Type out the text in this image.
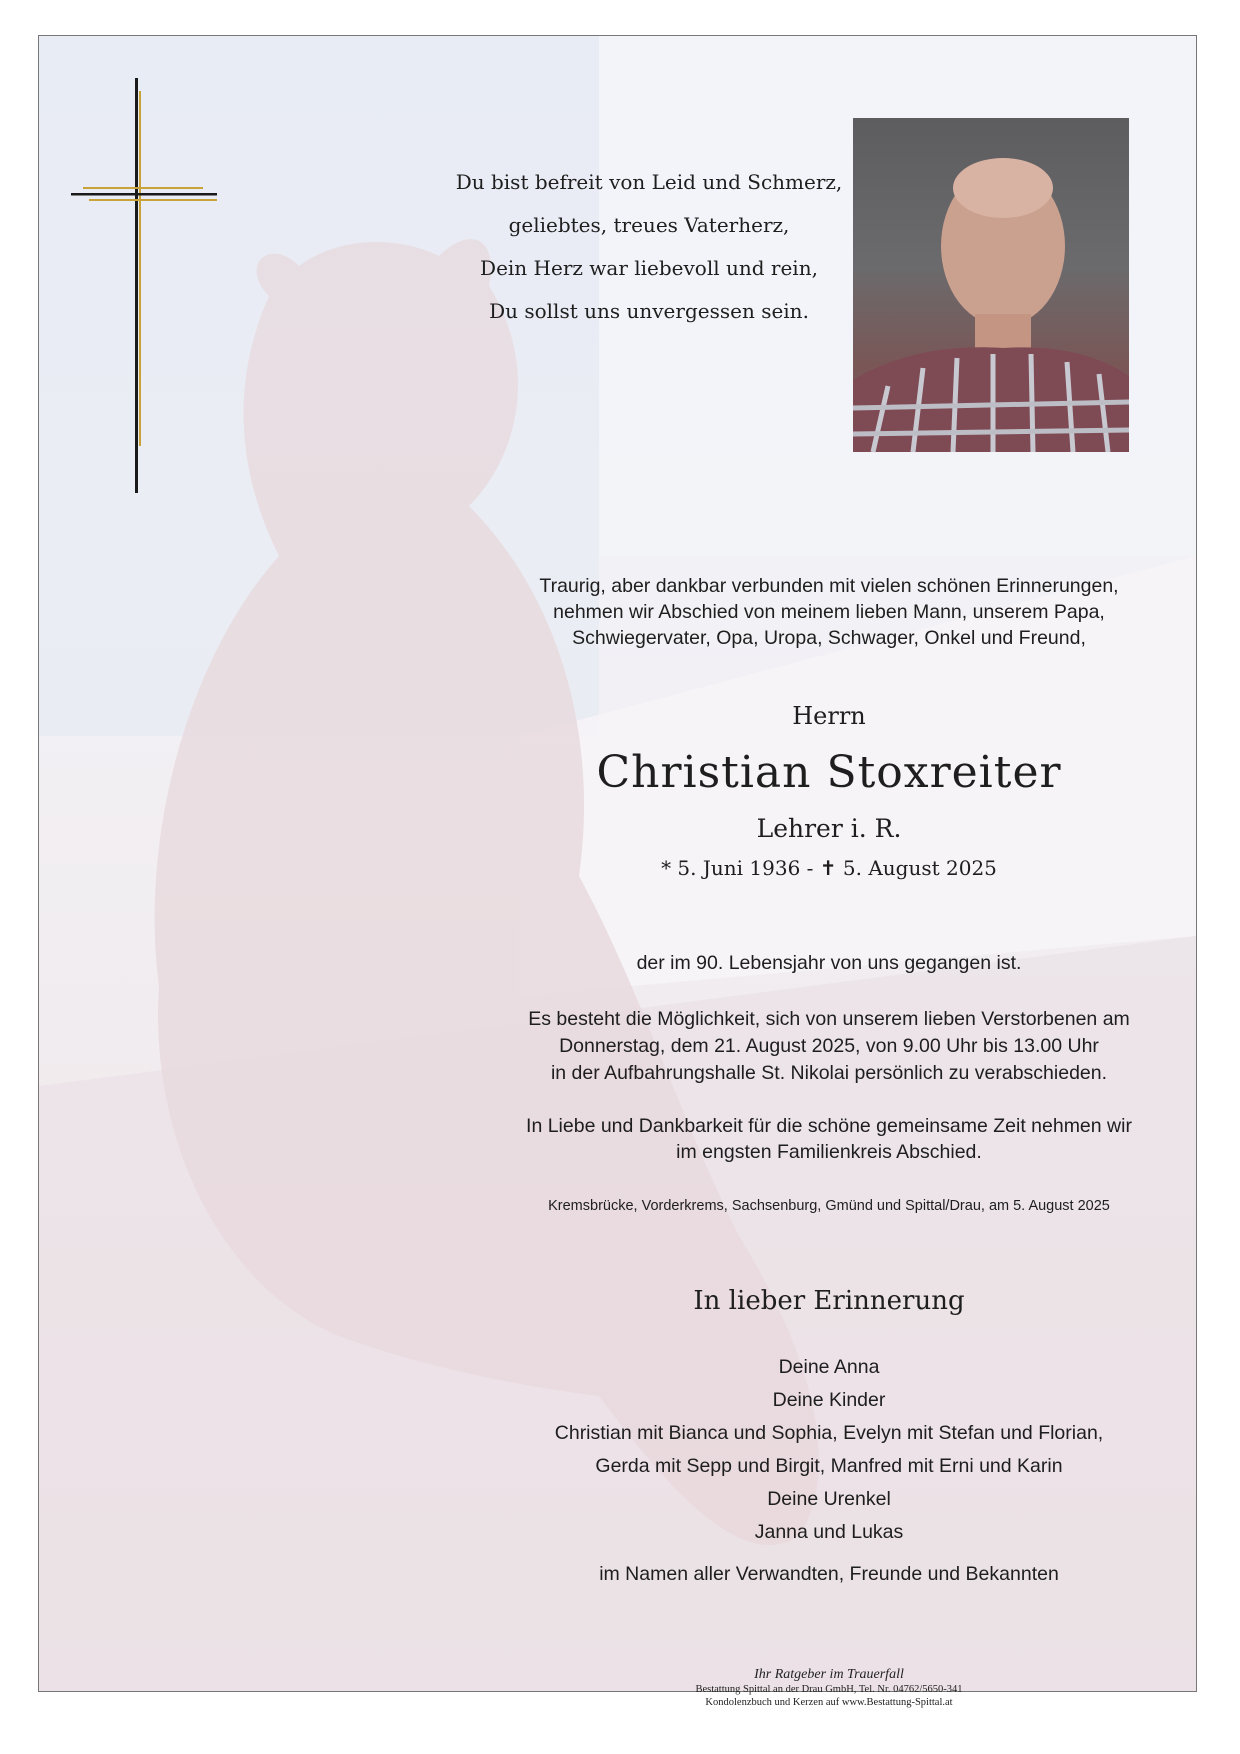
Du bist befreit von Leid und Schmerz,
geliebtes, treues Vaterherz,
Dein Herz war liebevoll und rein,
Du sollst uns unvergessen sein.
Traurig, aber dankbar verbunden mit vielen schönen Erinnerungen,
nehmen wir Abschied von meinem lieben Mann, unserem Papa,
Schwiegervater, Opa, Uropa, Schwager, Onkel und Freund,
Herrn
Christian Stoxreiter
Lehrer i. R.
* 5. Juni 1936 - ✝ 5. August 2025
der im 90. Lebensjahr von uns gegangen ist.
Es besteht die Möglichkeit, sich von unserem lieben Verstorbenen am
Donnerstag, dem 21. August 2025, von 9.00 Uhr bis 13.00 Uhr
in der Aufbahrungshalle St. Nikolai persönlich zu verabschieden.
In Liebe und Dankbarkeit für die schöne gemeinsame Zeit nehmen wir
im engsten Familienkreis Abschied.
Kremsbrücke, Vorderkrems, Sachsenburg, Gmünd und Spittal/Drau, am 5. August 2025
In lieber Erinnerung
Deine Anna
Deine Kinder
Christian mit Bianca und Sophia, Evelyn mit Stefan und Florian,
Gerda mit Sepp und Birgit, Manfred mit Erni und Karin
Deine Urenkel
Janna und Lukas
im Namen aller Verwandten, Freunde und Bekannten
Ihr Ratgeber im Trauerfall
Bestattung Spittal an der Drau GmbH, Tel. Nr. 04762/5650-341
Kondolenzbuch und Kerzen auf www.Bestattung-Spittal.at
